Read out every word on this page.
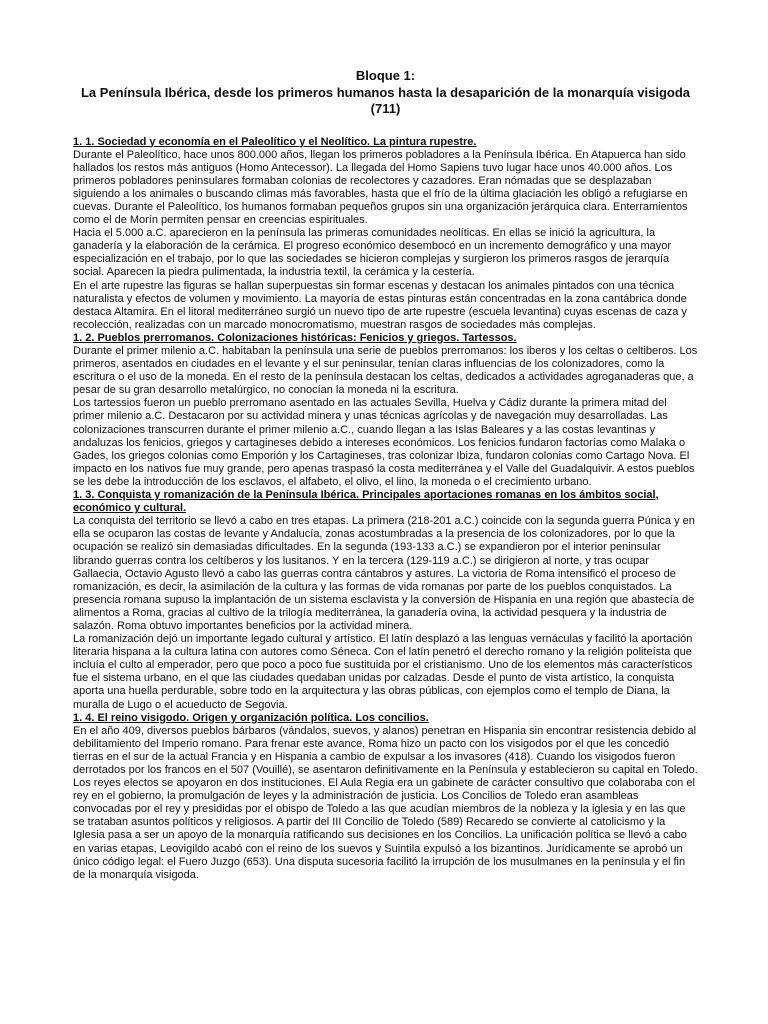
Bloque 1:
La Península Ibérica, desde los primeros humanos hasta la desaparición de la monarquía visigoda (711)
1. 1. Sociedad y economía en el Paleolítico y el Neolítico. La pintura rupestre.

Durante el Paleolítico, hace unos 800.000 años, llegan los primeros pobladores a la Península Ibérica. En Atapuerca han sido hallados los restos más antiguos (Homo Antecessor). La llegada del Homo Sapiens tuvo lugar hace unos 40.000 años. Los primeros pobladores peninsulares formaban colonias de recolectores y cazadores. Eran nómadas que se desplazaban siguiendo a los animales o buscando climas más favorables, hasta que el frío de la última glaciación les obligó a refugiarse en cuevas. Durante el Paleolítico, los humanos formaban pequeños grupos sin una organización jerárquica clara. Enterramientos como el de Morín permiten pensar en creencias espirituales.

Hacia el 5.000 a.C. aparecieron en la península las primeras comunidades neolíticas. En ellas se inició la agricultura, la ganadería y la elaboración de la cerámica. El progreso económico desembocó en un incremento demográfico y una mayor especialización en el trabajo, por lo que las sociedades se hicieron complejas y surgieron los primeros rasgos de jerarquía social. Aparecen la piedra pulimentada, la industria textil, la cerámica y la cestería.

En el arte rupestre las figuras se hallan superpuestas sin formar escenas y destacan los animales pintados con una técnica naturalista y efectos de volumen y movimiento. La mayoría de estas pinturas están concentradas en la zona cantábrica donde destaca Altamira. En el litoral mediterráneo surgió un nuevo tipo de arte rupestre (escuela levantina) cuyas escenas de caza y recolección, realizadas con un marcado monocromatismo, muestran rasgos de sociedades más complejas.

1. 2. Pueblos prerromanos. Colonizaciones históricas: Fenicios y griegos. Tartessos.

Durante el primer milenio a.C. habitaban la península una serie de pueblos prerromanos: los iberos y los celtas o celtiberos. Los primeros, asentados en ciudades en el levante y el sur peninsular, tenían claras influencias de los colonizadores, como la escritura o el uso de la moneda. En el resto de la península destacan los celtas, dedicados a actividades agroganaderas que, a pesar de su gran desarrollo metalúrgico, no conocían la moneda ni la escritura.

Los tartessios fueron un pueblo prerromano asentado en las actuales Sevilla, Huelva y Cádiz durante la primera mitad del primer milenio a.C. Destacaron por su actividad minera y unas técnicas agrícolas y de navegación muy desarrolladas. Las colonizaciones transcurren durante el primer milenio a.C., cuando llegan a las Islas Baleares y a las costas levantinas y andaluzas los fenicios, griegos y cartagineses debido a intereses económicos. Los fenicios fundaron factorías como Malaka o Gades, los griegos colonias como Emporión y los Cartagineses, tras colonizar Ibiza, fundaron colonias como Cartago Nova. El impacto en los nativos fue muy grande, pero apenas traspasó la costa mediterránea y el Valle del Guadalquivir. A estos pueblos se les debe la introducción de los esclavos, el alfabeto, el olivo, el lino, la moneda o el crecimiento urbano.

1. 3. Conquista y romanización de la Península Ibérica. Principales aportaciones romanas en los ámbitos social, económico y cultural.

La conquista del territorio se llevó a cabo en tres etapas. La primera (218-201 a.C.) coincide con la segunda guerra Púnica y en ella se ocuparon las costas de levante y Andalucía, zonas acostumbradas a la presencia de los colonizadores, por lo que la ocupación se realizó sin demasiadas dificultades. En la segunda (193-133 a.C.) se expandieron por el interior peninsular librando guerras contra los celtíberos y los lusitanos. Y en la tercera (129-119 a.C.) se dirigieron al norte, y tras ocupar Gallaecia, Octavio Agusto llevó a cabo las guerras contra cántabros y astures. La victoria de Roma intensificó el proceso de romanización, es decir, la asimilación de la cultura y las formas de vida romanas por parte de los pueblos conquistados. La presencia romana supuso la implantación de un sistema esclavista y la conversión de Hispania en una región que abastecía de alimentos a Roma, gracias al cultivo de la trilogía mediterránea, la ganadería ovina, la actividad pesquera y la industria de salazón. Roma obtuvo importantes beneficios por la actividad minera.

La romanización dejó un importante legado cultural y artístico. El latín desplazó a las lenguas vernáculas y facilitó la aportación literaria hispana a la cultura latina con autores como Séneca. Con el latín penetró el derecho romano y la religión politeísta que incluía el culto al emperador, pero que poco a poco fue sustituida por el cristianismo. Uno de los elementos más característicos fue el sistema urbano, en el que las ciudades quedaban unidas por calzadas. Desde el punto de vista artístico, la conquista aporta una huella perdurable, sobre todo en la arquitectura y las obras públicas, con ejemplos como el templo de Diana, la muralla de Lugo o el acueducto de Segovia.

1. 4. El reino visigodo. Origen y organización política. Los concilios.

En el año 409, diversos pueblos bárbaros (vándalos, suevos, y alanos) penetran en Hispania sin encontrar resistencia debido al debilitamiento del Imperio romano. Para frenar este avance, Roma hizo un pacto con los visigodos por el que les concedió tierras en el sur de la actual Francia y en Hispania a cambio de expulsar a los invasores (418). Cuando los visigodos fueron derrotados por los francos en el 507 (Vouillé), se asentaron definitivamente en la Península y establecieron su capital en Toledo.

Los reyes electos se apoyaron en dos instituciones. El Aula Regia era un gabinete de carácter consultivo que colaboraba con el rey en el gobierno, la promulgación de leyes y la administración de justicia. Los Concilios de Toledo eran asambleas convocadas por el rey y presididas por el obispo de Toledo a las que acudían miembros de la nobleza y la iglesia y en las que se trataban asuntos políticos y religiosos. A partir del III Concilio de Toledo (589) Recaredo se convierte al catolicismo y la Iglesia pasa a ser un apoyo de la monarquía ratificando sus decisiones en los Concilios. La unificación política se llevó a cabo en varias etapas, Leovigildo acabó con el reino de los suevos y Suintila expulsó a los bizantinos. Jurídicamente se aprobó un único código legal: el Fuero Juzgo (653). Una disputa sucesoria facilitó la irrupción de los musulmanes en la península y el fin de la monarquía visigoda.
